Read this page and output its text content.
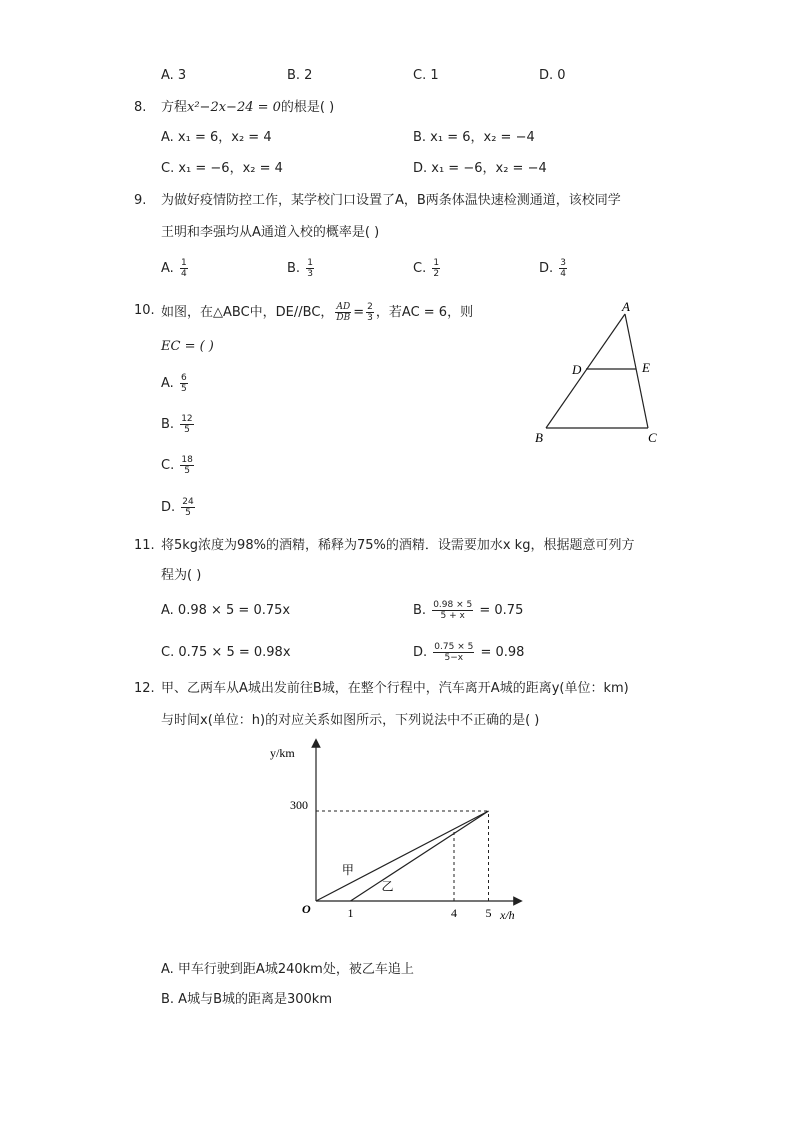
A. 3	B. 2	C. 1	D. 0
8. 方程x²−2x−24 = 0的根是( )
A. x₁ = 6，x₂ = 4	B. x₁ = 6，x₂ = −4
C. x₁ = −6，x₂ = 4	D. x₁ = −6，x₂ = −4
9. 为做好疫情防控工作，某学校门口设置了A，B两条体温快速检测通道，该校同学
王明和李强均从A通道入校的概率是( )
A. $\frac{1}{4}$	B. $\frac{1}{3}$	C. $\frac{1}{2}$	D. $\frac{3}{4}$
10. 如图，在△ABC中，DE//BC， $\frac{AD}{DB} = \frac{2}{3}$ ，若AC = 6，则
EC = ( )
A. $\frac{6}{5}$
B. $\frac{12}{5}$
C. $\frac{18}{5}$
D. $\frac{24}{5}$
A
B	C
D	E
11. 将5kg浓度为98%的酒精，稀释为75%的酒精．设需要加水x kg，根据题意可列方
程为( )
A. 0.98 × 5 = 0.75x	B. $\frac{0.98 \times 5}{5 + x} = 0.75$
C. 0.75 × 5 = 0.98x	D. $\frac{0.75 \times 5}{5-x} = 0.98$
12. 甲、乙两车从A城出发前往B城，在整个行程中，汽车离开A城的距离y(单位：km)
与时间x(单位：h)的对应关系如图所示，下列说法中不正确的是( )
y/km
x/h
O
甲
乙
1	4 5
300
A. 甲车行驶到距A城240km处，被乙车追上
B. A城与B城的距离是300km
